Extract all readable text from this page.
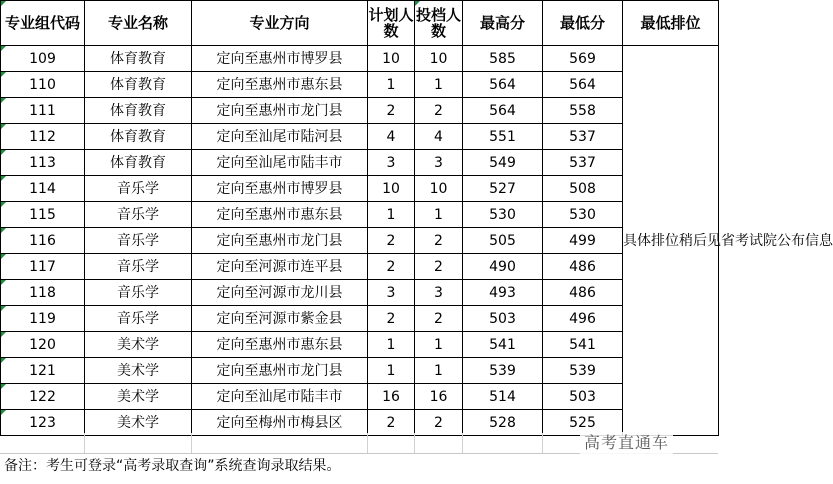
专业组代码	专业名称	专业方向	计划人数	投档人数	最高分	最低分	最低排位
109	体育教育	定向至惠州市博罗县	10	10	585	569	具体排位稍后见省考试院公布信息
110	体育教育	定向至惠州市惠东县	1	1	564	564	
111	体育教育	定向至惠州市龙门县	2	2	564	558	
112	体育教育	定向至汕尾市陆河县	4	4	551	537	
113	体育教育	定向至汕尾市陆丰市	3	3	549	537	
114	音乐学	定向至惠州市博罗县	10	10	527	508	
115	音乐学	定向至惠州市惠东县	1	1	530	530	
116	音乐学	定向至惠州市龙门县	2	2	505	499	
117	音乐学	定向至河源市连平县	2	2	490	486	
118	音乐学	定向至河源市龙川县	3	3	493	486	
119	音乐学	定向至河源市紫金县	2	2	503	496	
120	美术学	定向至惠州市惠东县	1	1	541	541	
121	美术学	定向至惠州市龙门县	1	1	539	539	
122	美术学	定向至汕尾市陆丰市	16	16	514	503	
123	美术学	定向至梅州市梅县区	2	2	528	525	
高考直通车
备注：考生可登录“高考录取查询”系统查询录取结果。
